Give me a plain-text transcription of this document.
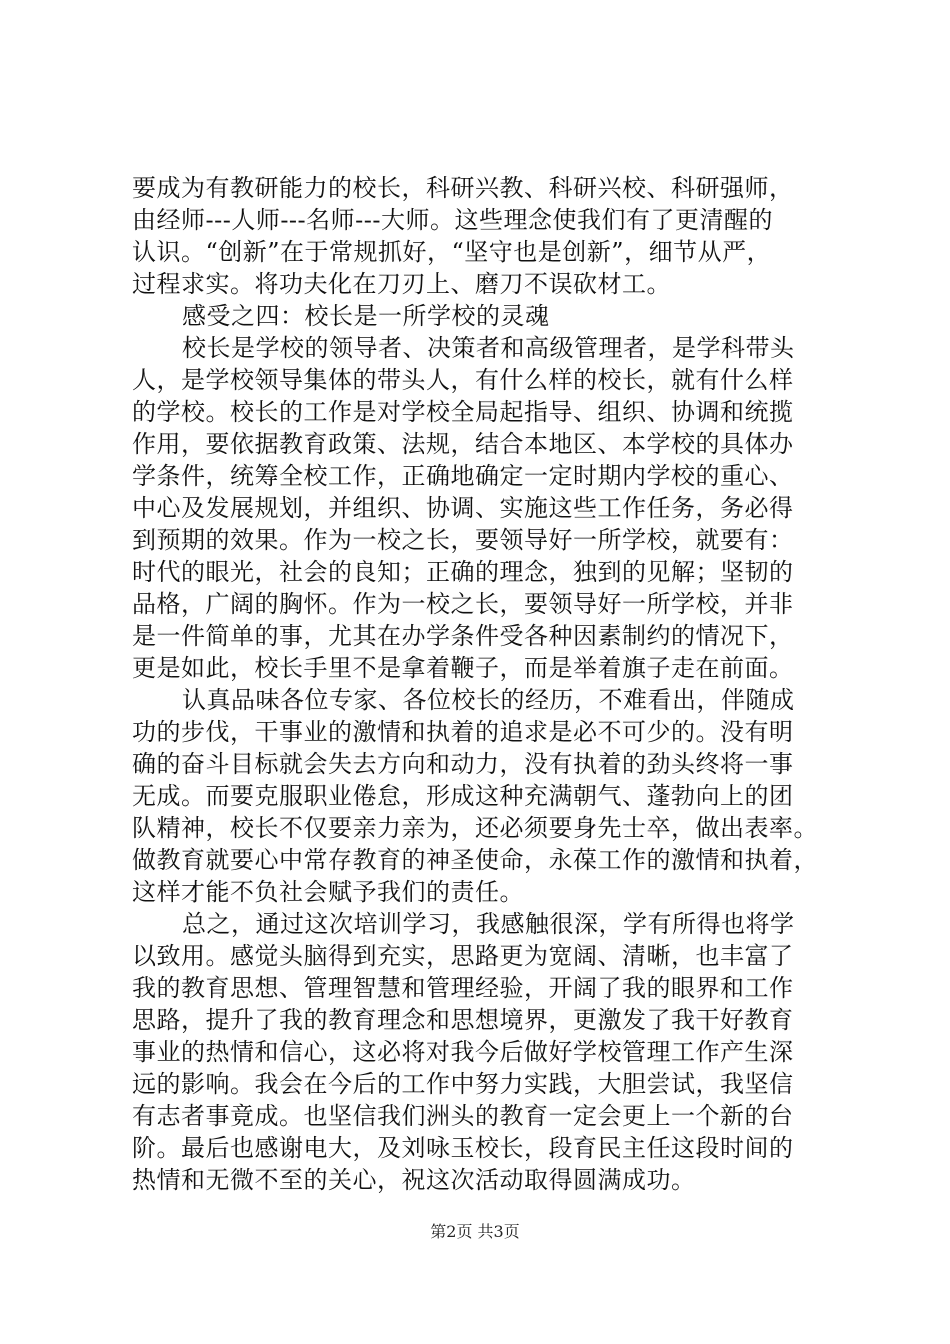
要成为有教研能力的校长，科研兴教、科研兴校、科研强师，
由经师---人师---名师---大师。这些理念使我们有了更清醒的
认识。“创新”在于常规抓好，“坚守也是创新”，细节从严，
过程求实。将功夫化在刀刃上、磨刀不误砍材工。
感受之四：校长是一所学校的灵魂
校长是学校的领导者、决策者和高级管理者，是学科带头
人，是学校领导集体的带头人，有什么样的校长，就有什么样
的学校。校长的工作是对学校全局起指导、组织、协调和统揽
作用，要依据教育政策、法规，结合本地区、本学校的具体办
学条件，统筹全校工作，正确地确定一定时期内学校的重心、
中心及发展规划，并组织、协调、实施这些工作任务，务必得
到预期的效果。作为一校之长，要领导好一所学校，就要有：
时代的眼光，社会的良知；正确的理念，独到的见解；坚韧的
品格，广阔的胸怀。作为一校之长，要领导好一所学校，并非
是一件简单的事，尤其在办学条件受各种因素制约的情况下，
更是如此，校长手里不是拿着鞭子，而是举着旗子走在前面。
认真品味各位专家、各位校长的经历，不难看出，伴随成
功的步伐，干事业的激情和执着的追求是必不可少的。没有明
确的奋斗目标就会失去方向和动力，没有执着的劲头终将一事
无成。而要克服职业倦怠，形成这种充满朝气、蓬勃向上的团
队精神，校长不仅要亲力亲为，还必须要身先士卒，做出表率。
做教育就要心中常存教育的神圣使命，永葆工作的激情和执着，
这样才能不负社会赋予我们的责任。
总之，通过这次培训学习，我感触很深，学有所得也将学
以致用。感觉头脑得到充实，思路更为宽阔、清晰，也丰富了
我的教育思想、管理智慧和管理经验，开阔了我的眼界和工作
思路，提升了我的教育理念和思想境界，更激发了我干好教育
事业的热情和信心，这必将对我今后做好学校管理工作产生深
远的影响。我会在今后的工作中努力实践，大胆尝试，我坚信
有志者事竟成。也坚信我们洲头的教育一定会更上一个新的台
阶。最后也感谢电大，及刘咏玉校长，段育民主任这段时间的
热情和无微不至的关心，祝这次活动取得圆满成功。
第2页 共3页
